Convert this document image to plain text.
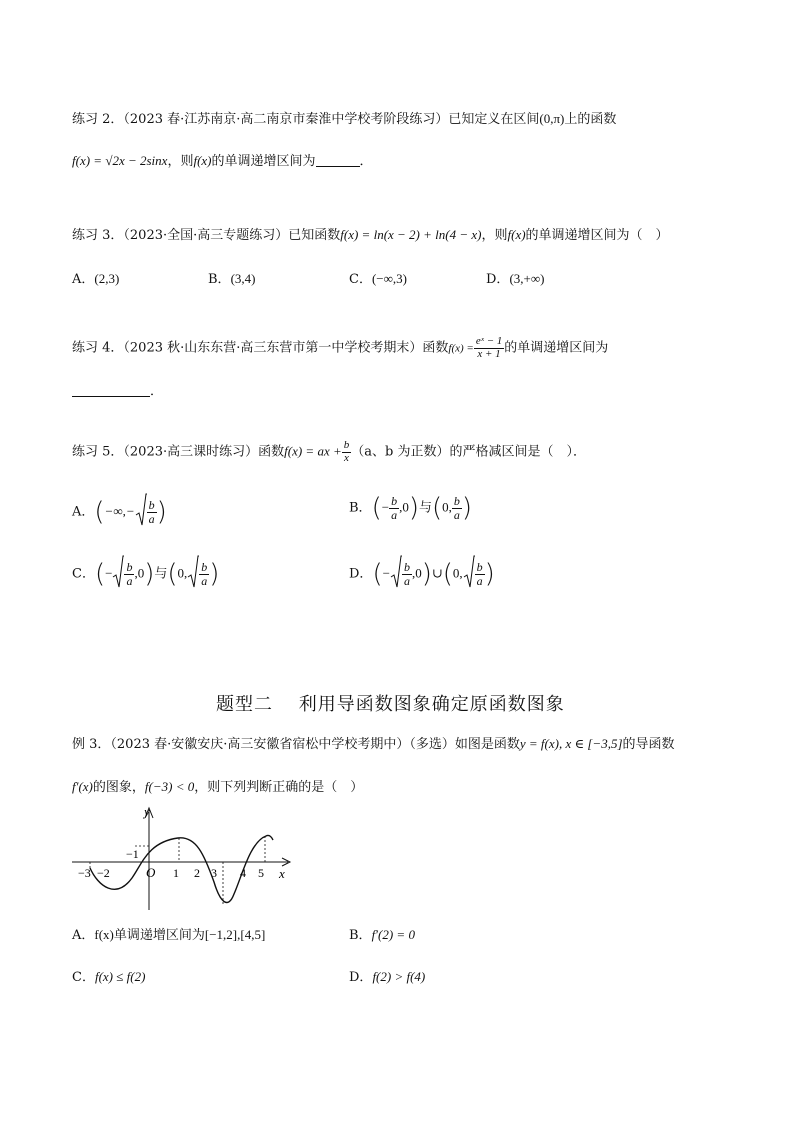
练习 2．（2023 春·江苏南京·高二南京市秦淮中学校考阶段练习）已知定义在区间(0,π)上的函数
f(x) = √2x − 2sinx，则f(x)的单调递增区间为	．
练习 3．（2023·全国·高三专题练习）已知函数f(x) = ln(x − 2) + ln(4 − x)，则f(x)的单调递增区间为（　）
A．(2,3)	B．(3,4)	C．(−∞,3)	D．(3,+∞)
练习 4．（2023 秋·山东东营·高三东营市第一中学校考期末）函数$f(x) = \frac{\text{eˣ − 1}}{x + 1}$ 的单调递增区间为
．
练习 5．（2023·高三课时练习）函数f(x) = ax + $\frac{b}{x} (a$、b 为正数）的严格减区间是（　）．
A．(−∞,− $\frac{b}{a}$ )	B．(− $\frac{b}{a} ,0$)与(0, $\frac{b}{a}$ )
C．(− $\frac{b}{a} ,0$)与(0, $\frac{b}{a}$ )	D．(− $\frac{b}{a}$ ,0)∪(0, $\frac{b}{a}$ )
题型二　 利用导函数图象确定原函数图象
例 3．（2023 春·安徽安庆·高三安徽省宿松中学校考期中）（多选）如图是函数y = f(x), x ∈ [−3,5]的导函数
f′(x)的图象，f(−3) < 0，则下列判断正确的是（　）
y
x
O
−1
−3 −2	1 2 3 4 5
A．f(x)单调递增区间为[−1,2],[4,5]	B．f′(2) = 0
C．f(x) ≤ f(2)	D．f(2) > f(4)
